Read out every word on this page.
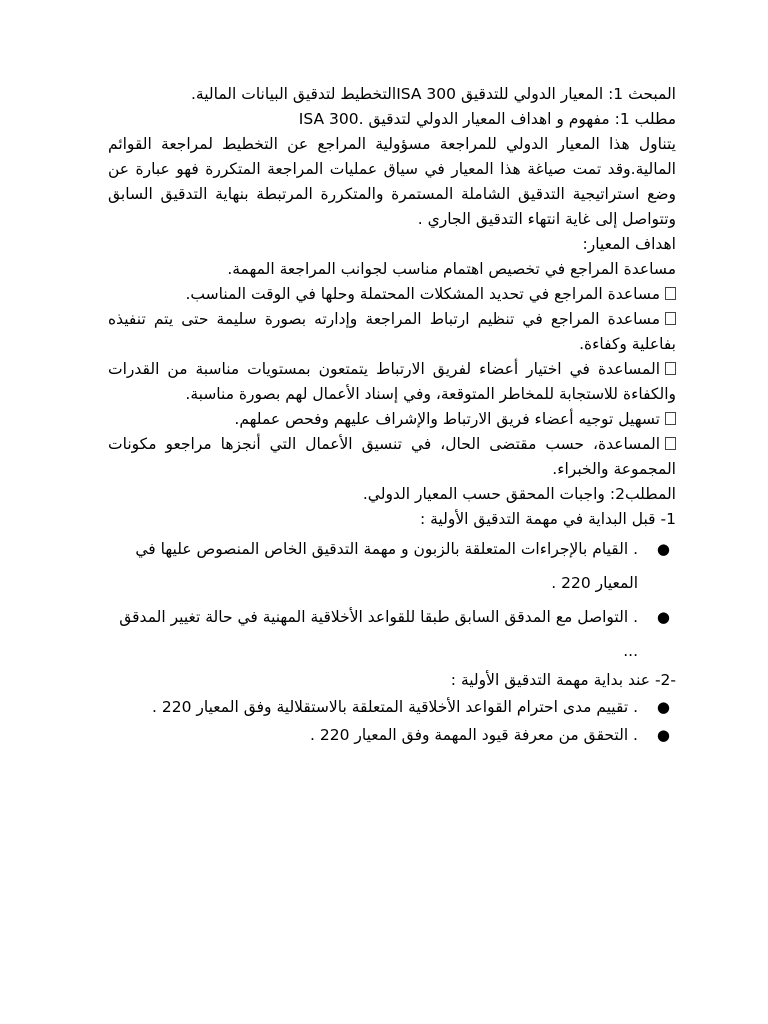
المبحث 1: المعيار الدولي للتدقيق ISA 300التخطيط لتدقيق البيانات المالية.

مطلب 1: مفهوم و اهداف المعيار الدولي لتدقيق .ISA 300

يتناول هذا المعيار الدولي للمراجعة مسؤولية المراجع عن التخطيط لمراجعة القوائم المالية.وقد تمت صياغة هذا المعيار في سياق عمليات المراجعة المتكررة فهو عبارة عن وضع استراتيجية التدقيق الشاملة المستمرة والمتكررة المرتبطة بنهاية التدقيق السابق وتتواصل إلى غاية انتهاء التدقيق الجاري .

اهداف المعيار:

مساعدة المراجع في تخصيص اهتمام مناسب لجوانب المراجعة المهمة.

مساعدة المراجع في تحديد المشكلات المحتملة وحلها في الوقت المناسب.

مساعدة المراجع في تنظيم ارتباط المراجعة وإدارته بصورة سليمة حتى يتم تنفيذه بفاعلية وكفاءة.

المساعدة في اختيار أعضاء لفريق الارتباط يتمتعون بمستويات مناسبة من القدرات والكفاءة للاستجابة للمخاطر المتوقعة، وفي إسناد الأعمال لهم بصورة مناسبة.

تسهيل توجيه أعضاء فريق الارتباط والإشراف عليهم وفحص عملهم.

المساعدة، حسب مقتضى الحال، في تنسيق الأعمال التي أنجزها مراجعو مكونات المجموعة والخبراء.

المطلب2: واجبات المحقق حسب المعيار الدولي.

1- قبل البداية في مهمة التدقيق الأولية :

●
. القيام بالإجراءات المتعلقة بالزبون و مهمة التدقيق الخاص المنصوص عليها في المعيار 220 .
●
. التواصل مع المدقق السابق طبقا للقواعد الأخلاقية المهنية في حالة تغيير المدقق ...

-2- عند بداية مهمة التدقيق الأولية :

●
. تقييم مدى احترام القواعد الأخلاقية المتعلقة بالاستقلالية وفق المعيار 220 .
●
. التحقق من معرفة قيود المهمة وفق المعيار 220 .
